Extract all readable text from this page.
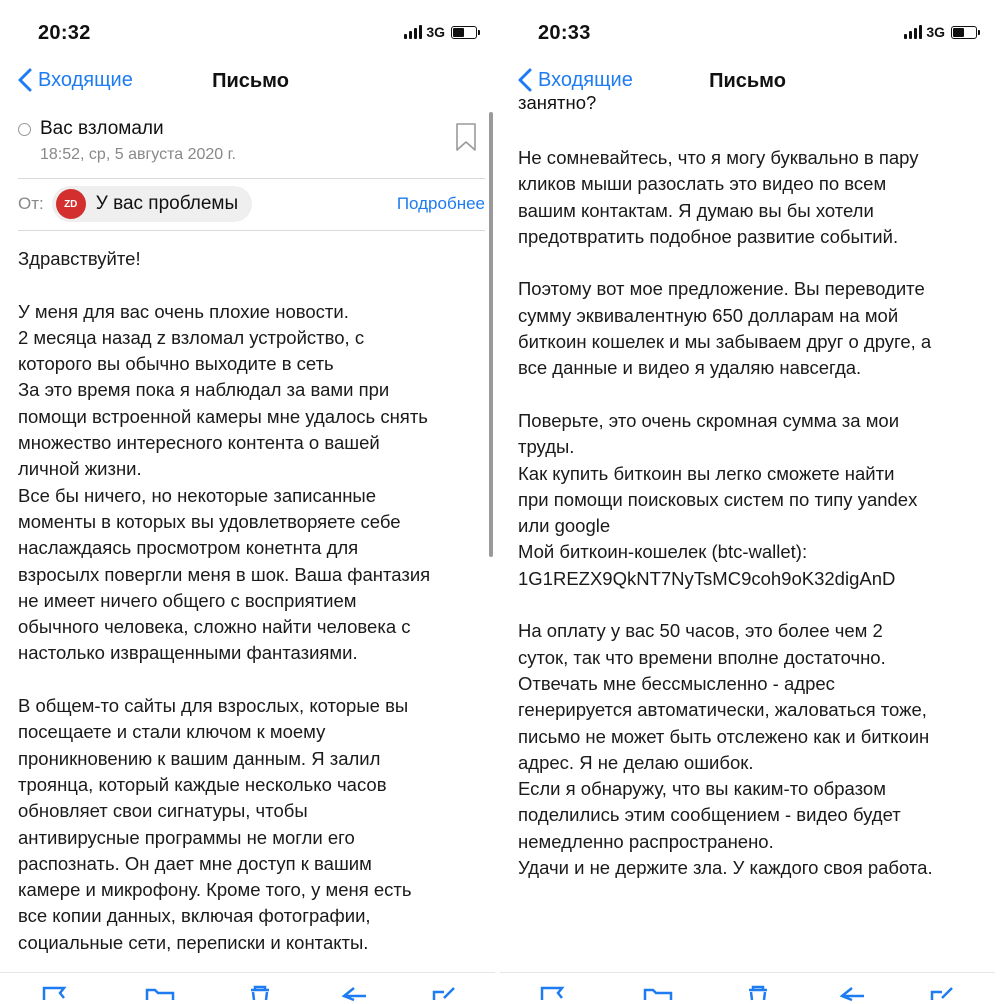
20:32	3G
Входящие	Письмо
Вас взломали
18:52, ср, 5 августа 2020 г.
От:	ZD У вас проблемы	Подробнее
Здравствуйте!

У меня для вас очень плохие новости.
2 месяца назад z взломал устройство, с
которого вы обычно выходите в сеть
За это время пока я наблюдал за вами при
помощи встроенной камеры мне удалось снять
множество интересного контента о вашей
личной жизни.
Все бы ничего, но некоторые записанные
моменты в которых вы удовлетворяете себе
наслаждаясь просмотром конетнта для
взросылх повергли меня в шок. Ваша фантазия
не имеет ничего общего с восприятием
обычного человека, сложно найти человека с
настолько извращенными фантазиями.

В общем-то сайты для взрослых, которые вы
посещаете и стали ключом к моему
проникновению к вашим данным. Я залил
троянца, который каждые несколько часов
обновляет свои сигнатуры, чтобы
антивирусные программы не могли его
распознать. Он дает мне доступ к вашим
камере и микрофону. Кроме того, у меня есть
все копии данных, включая фотографии,
социальные сети, переписки и контакты.
20:33	3G
Входящие	Письмо
занятно?
Не сомневайтесь, что я могу буквально в пару
кликов мыши разослать это видео по всем
вашим контактам. Я думаю вы бы хотели
предотвратить подобное развитие событий.

Поэтому вот мое предложение. Вы переводите
сумму эквивалентную 650 долларам на мой
биткоин кошелек и мы забываем друг о друге, а
все данные и видео я удаляю навсегда.

Поверьте, это очень скромная сумма за мои
труды.
Как купить биткоин вы легко сможете найти
при помощи поисковых систем по типу yandex
или google
Мой биткоин-кошелек (btc-wallet):
1G1REZX9QkNT7NyTsMC9coh9oK32digAnD

На оплату у вас 50 часов, это более чем 2
суток, так что времени вполне достаточно.
Отвечать мне бессмысленно - адрес
генерируется автоматически, жаловаться тоже,
письмо не может быть отслежено как и биткоин
адрес. Я не делаю ошибок.
Если я обнаружу, что вы каким-то образом
поделились этим сообщением - видео будет
немедленно распространено.
Удачи и не держите зла. У каждого своя работа.
